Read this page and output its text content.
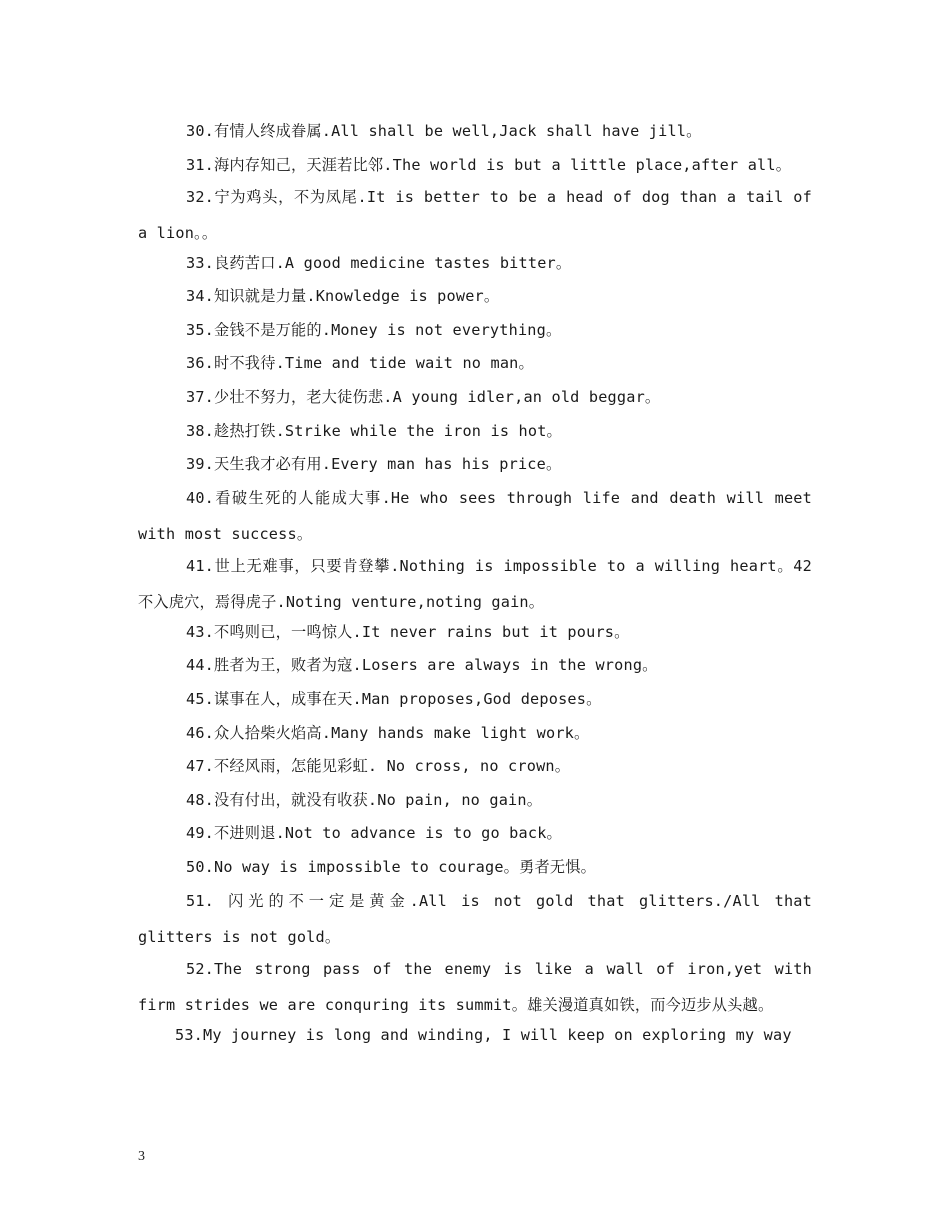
30.有情人终成眷属.All shall be well,Jack shall have jill。
31.海内存知己，天涯若比邻.The world is but a little place,after all。
32.宁为鸡头，不为凤尾.It is better to be a head of dog than a tail of a lion。。
33.良药苦口.A good medicine tastes bitter。
34.知识就是力量.Knowledge is power。
35.金钱不是万能的.Money is not everything。
36.时不我待.Time and tide wait no man。
37.少壮不努力，老大徒伤悲.A young idler,an old beggar。
38.趁热打铁.Strike while the iron is hot。
39.天生我才必有用.Every man has his price。
40.看破生死的人能成大事.He who sees through life and death will meet with most success。
41.世上无难事，只要肯登攀.Nothing is impossible to a willing heart。42不入虎穴，焉得虎子.Noting venture,noting gain。
43.不鸣则已，一鸣惊人.It never rains but it pours。
44.胜者为王，败者为寇.Losers are always in the wrong。
45.谋事在人，成事在天.Man proposes,God deposes。
46.众人拾柴火焰高.Many hands make light work。
47.不经风雨，怎能见彩虹. No cross, no crown。
48.没有付出，就没有收获.No pain, no gain。
49.不进则退.Not to advance is to go back。
50.No way is impossible to courage。勇者无惧。
51. 闪光的不一定是黄金.All is not gold that glitters./All that glitters is not gold。
52.The strong pass of the enemy is like a wall of iron,yet with firm strides we are conquring its summit。雄关漫道真如铁，而今迈步从头越。
53.My journey is long and winding, I will keep on exploring my way
3
